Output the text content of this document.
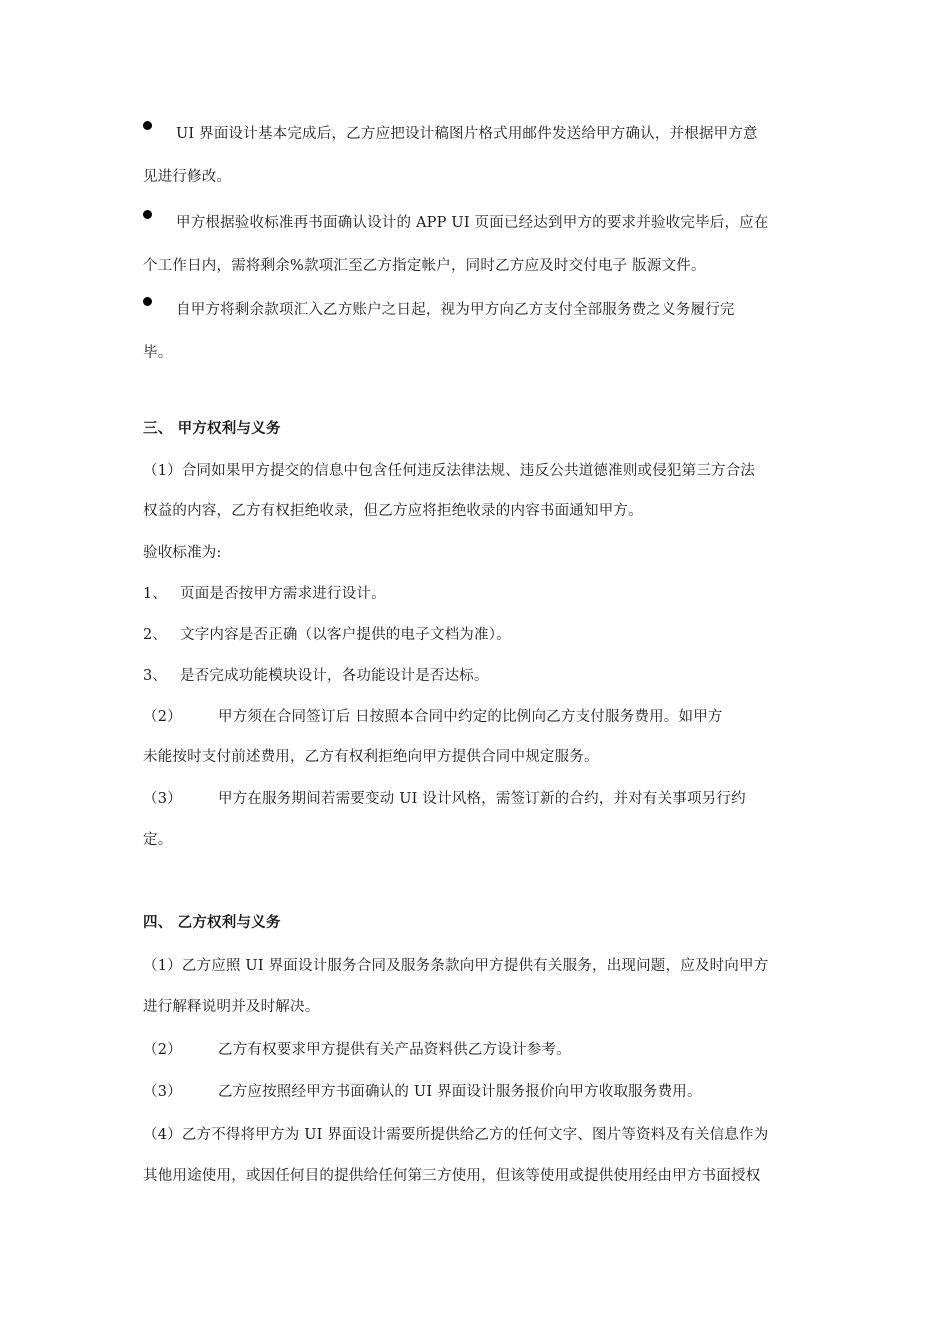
UI 界面设计基本完成后，乙方应把设计稿图片格式用邮件发送给甲方确认，并根据甲方意
见进行修改。
甲方根据验收标准再书面确认设计的 APP UI 页面已经达到甲方的要求并验收完毕后，应在
个工作日内，需将剩余%款项汇至乙方指定帐户，同时乙方应及时交付电子 版源文件。
自甲方将剩余款项汇入乙方账户之日起，视为甲方向乙方支付全部服务费之义务履行完
毕。
三、 甲方权利与义务
（1）合同如果甲方提交的信息中包含任何违反法律法规、违反公共道德准则或侵犯第三方合法
权益的内容，乙方有权拒绝收录，但乙方应将拒绝收录的内容书面通知甲方。
验收标准为:
1、 页面是否按甲方需求进行设计。
2、 文字内容是否正确（以客户提供的电子文档为准）。
3、 是否完成功能模块设计，各功能设计是否达标。
（2） 甲方须在合同签订后 日按照本合同中约定的比例向乙方支付服务费用。如甲方
未能按时支付前述费用，乙方有权利拒绝向甲方提供合同中规定服务。
（3） 甲方在服务期间若需要变动 UI 设计风格，需签订新的合约，并对有关事项另行约
定。
四、 乙方权利与义务
（1）乙方应照 UI 界面设计服务合同及服务条款向甲方提供有关服务，出现问题，应及时向甲方
进行解释说明并及时解决。
（2） 乙方有权要求甲方提供有关产品资料供乙方设计参考。
（3） 乙方应按照经甲方书面确认的 UI 界面设计服务报价向甲方收取服务费用。
（4）乙方不得将甲方为 UI 界面设计需要所提供给乙方的任何文字、图片等资料及有关信息作为
其他用途使用，或因任何目的提供给任何第三方使用，但该等使用或提供使用经由甲方书面授权
